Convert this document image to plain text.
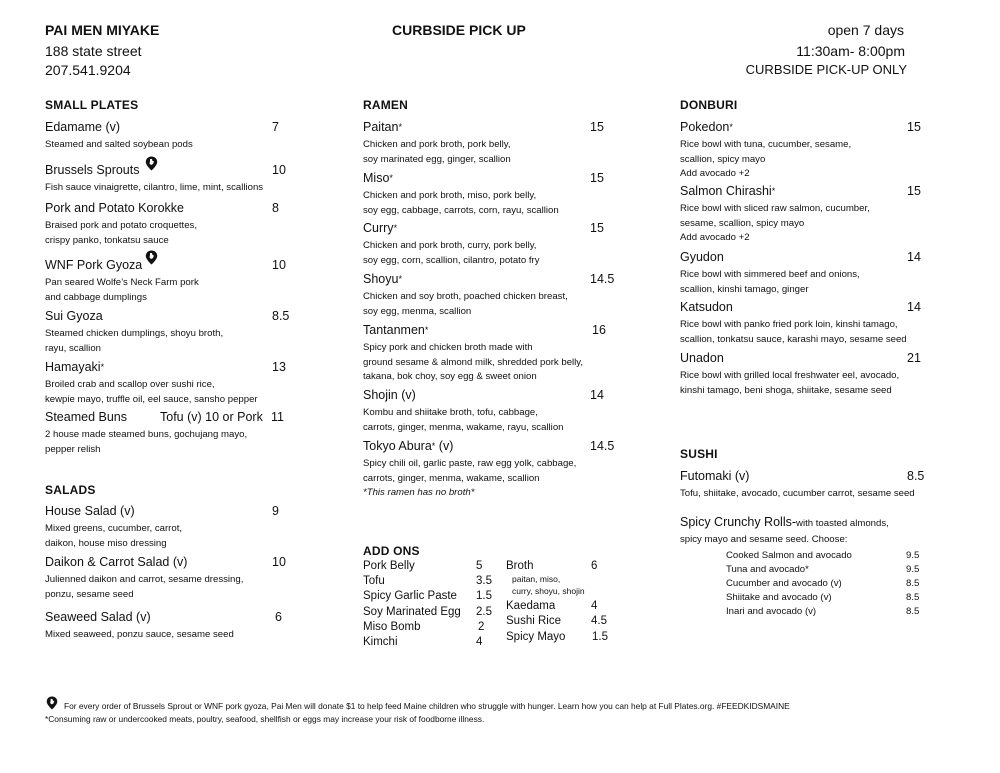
PAI MEN MIYAKE
188 state street
207.541.9204
CURBSIDE PICK UP	open 7 days
11:30am- 8:00pm
CURBSIDE PICK-UP ONLY
SMALL PLATES
Edamame (v)	7
Steamed and salted soybean pods
Brussels Sprouts	10
Fish sauce vinaigrette, cilantro, lime, mint, scallions
Pork and Potato Korokke	8
Braised pork and potato croquettes,
crispy panko, tonkatsu sauce
WNF Pork Gyoza	10
Pan seared Wolfe’s Neck Farm pork
and cabbage dumplings
Sui Gyoza	8.5
Steamed chicken dumplings, shoyu broth,
rayu, scallion
Hamayaki*	13
Broiled crab and scallop over sushi rice,
kewpie mayo, truffle oil, eel sauce, sansho pepper
Steamed Buns	Tofu (v) 10 or Pork 11
2 house made steamed buns, gochujang mayo,
pepper relish
SALADS
House Salad (v)	9
Mixed greens, cucumber, carrot,
daikon, house miso dressing
Daikon & Carrot Salad (v)	10
Julienned daikon and carrot, sesame dressing,
ponzu, sesame seed
Seaweed Salad (v)	6
Mixed seaweed, ponzu sauce, sesame seed
RAMEN
Paitan*	15
Chicken and pork broth, pork belly,
soy marinated egg, ginger, scallion
Miso*	15
Chicken and pork broth, miso, pork belly,
soy egg, cabbage, carrots, corn, rayu, scallion
Curry*	15
Chicken and pork broth, curry, pork belly,
soy egg, corn, scallion, cilantro, potato fry
Shoyu*	14.5
Chicken and soy broth, poached chicken breast,
soy egg, menma, scallion
Tantanmen*	16
Spicy pork and chicken broth made with
ground sesame & almond milk, shredded pork belly,
takana, bok choy, soy egg & sweet onion
Shojin (v)	14
Kombu and shiitake broth, tofu, cabbage,
carrots, ginger, menma, wakame, rayu, scallion
Tokyo Abura* (v)	14.5
Spicy chili oil, garlic paste, raw egg yolk, cabbage,
carrots, ginger, menma, wakame, scallion
*This ramen has no broth*
ADD ONS
Pork Belly	5
Tofu	3.5
Spicy Garlic Paste 1.5
Soy Marinated Egg 2.5
Miso Bomb	2
Kimchi	4
Broth	6
paitan, miso,
curry, shoyu, shojin
Kaedama	4
Sushi Rice	4.5
Spicy Mayo 1.5
DONBURI
Pokedon*	15
Rice bowl with tuna, cucumber, sesame,
scallion, spicy mayo
Add avocado +2
Salmon Chirashi*	15
Rice bowl with sliced raw salmon, cucumber,
sesame, scallion, spicy mayo
Add avocado +2
Gyudon	14
Rice bowl with simmered beef and onions,
scallion, kinshi tamago, ginger
Katsudon	14
Rice bowl with panko fried pork loin, kinshi tamago,
scallion, tonkatsu sauce, karashi mayo, sesame seed
Unadon	21
Rice bowl with grilled local freshwater eel, avocado,
kinshi tamago, beni shoga, shiitake, sesame seed
SUSHI
Futomaki (v)	8.5
Tofu, shiitake, avocado, cucumber carrot, sesame seed
Spicy Crunchy Rolls-with toasted almonds,
spicy mayo and sesame seed. Choose:
Cooked Salmon and avocado	9.5
Tuna and avocado*	9.5
Cucumber and avocado (v)	8.5
Shiitake and avocado (v)	8.5
Inari and avocado (v)	8.5
For every order of Brussels Sprout or WNF pork gyoza, Pai Men will donate $1 to help feed Maine children who struggle with hunger. Learn how you can help at Full Plates.org. #FEEDKIDSMAINE
*Consuming raw or undercooked meats, poultry, seafood, shellfish or eggs may increase your risk of foodborne illness.
